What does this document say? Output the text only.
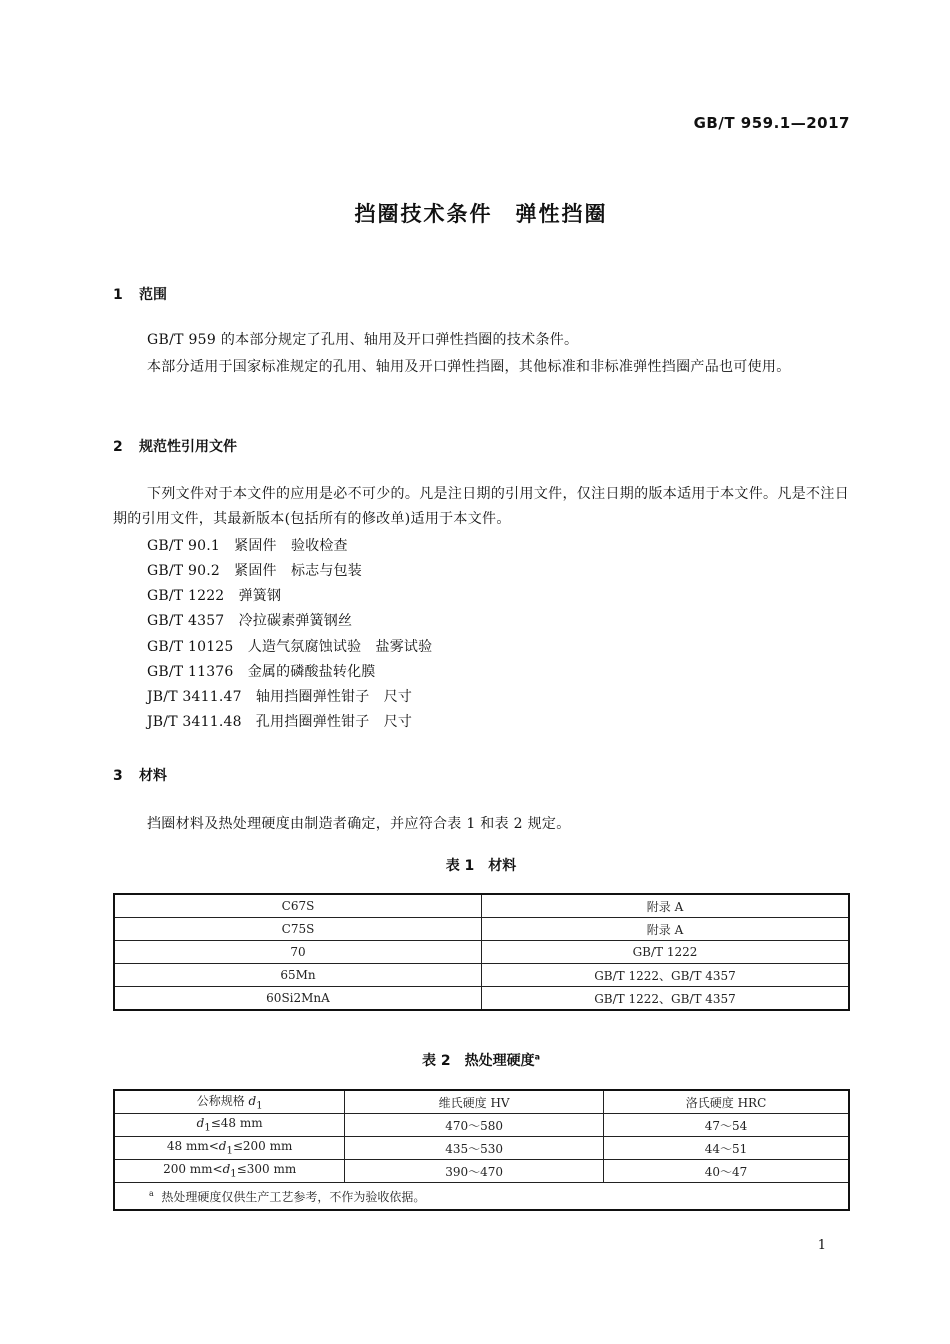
GB/T 959.1—2017
挡圈技术条件　弹性挡圈
1 范围
GB/T 959 的本部分规定了孔用、轴用及开口弹性挡圈的技术条件。
本部分适用于国家标准规定的孔用、轴用及开口弹性挡圈，其他标准和非标准弹性挡圈产品也可使用。
2 规范性引用文件
下列文件对于本文件的应用是必不可少的。凡是注日期的引用文件，仅注日期的版本适用于本文件。凡是不注日期的引用文件，其最新版本(包括所有的修改单)适用于本文件。
GB/T 90.1　紧固件　验收检查
GB/T 90.2　紧固件　标志与包装
GB/T 1222　弹簧钢
GB/T 4357　冷拉碳素弹簧钢丝
GB/T 10125　人造气氛腐蚀试验　盐雾试验
GB/T 11376　金属的磷酸盐转化膜
JB/T 3411.47　轴用挡圈弹性钳子　尺寸
JB/T 3411.48　孔用挡圈弹性钳子　尺寸
3 材料
挡圈材料及热处理硬度由制造者确定，并应符合表 1 和表 2 规定。
表 1　材料
C67S	附录 A
C75S	附录 A
70	GB/T 1222
65Mn	GB/T 1222、GB/T 4357
60Si2MnA	GB/T 1222、GB/T 4357
表 2　热处理硬度$^a$
公称规格 $d_1$	维氏硬度 HV	洛氏硬度 HRC
$d_1\le 48$ mm	470～580	47～54
48 $mm<d_1\le 200$ mm	435～530	44～51
200 $mm<d_1\le 300$ mm	390～470	40～47
$^a$ 热处理硬度仅供生产工艺参考，不作为验收依据。		
1
